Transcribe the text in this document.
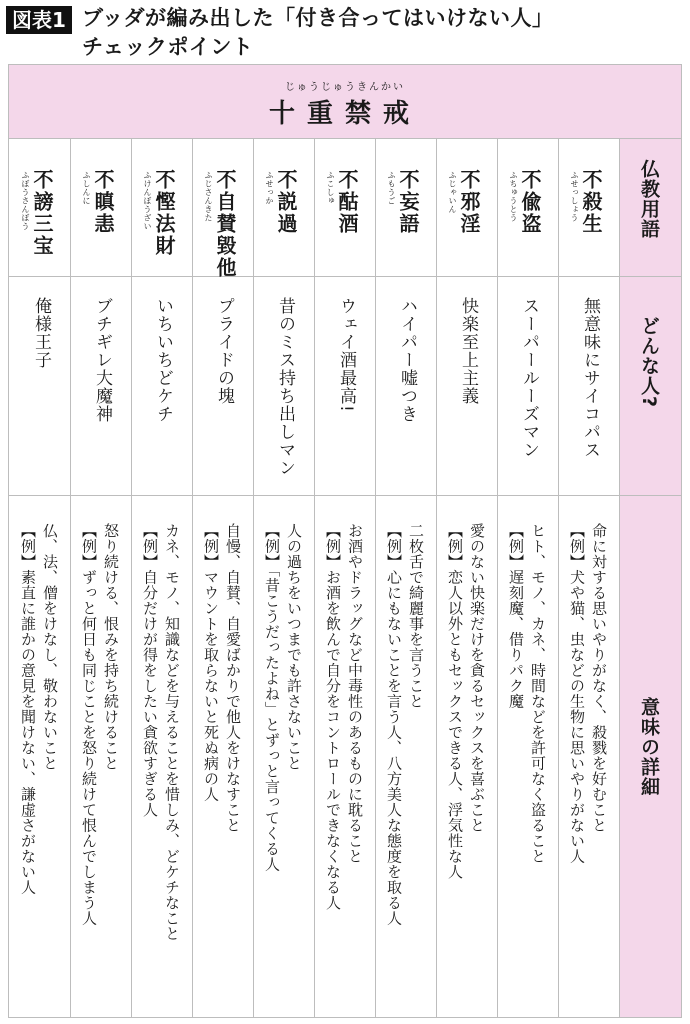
図表1 ブッダが編み出した「付き合ってはいけない人」
チェックポイント
じゅうじゅうきんかい
十重禁戒
仏教用語
どんな人?
意味の詳細
不殺生
ふせっしょう
無意味にサイコパス
命に対する思いやりがなく、殺戮を好むこと
【例】犬や猫、虫などの生物に思いやりがない人
不偸盗
ふちゅうとう
スーパールーズマン
ヒト、モノ、カネ、時間などを許可なく盗ること
【例】遅刻魔、借りパク魔
不邪淫
ふじゃいん
快楽至上主義
愛のない快楽だけを貪るセックスを喜ぶこと
【例】恋人以外ともセックスできる人、浮気性な人
不妄語
ふもうご
ハイパー嘘つき
二枚舌で綺麗事を言うこと
【例】心にもないことを言う人、八方美人な態度を取る人
不酤酒
ふこしゅ
ウェイ酒最高!
お酒やドラッグなど中毒性のあるものに耽ること
【例】お酒を飲んで自分をコントロールできなくなる人
不説過
ふせっか
昔のミス持ち出しマン
人の過ちをいつまでも許さないこと
【例】「昔こうだったよね」とずっと言ってくる人
不自賛毀他
ふじさんきた
プライドの塊
自慢、自賛、自愛ばかりで他人をけなすこと
【例】マウントを取らないと死ぬ病の人
不慳法財
ふけんぼうざい
いちいちどケチ
カネ、モノ、知識などを与えることを惜しみ、どケチなこと
【例】自分だけが得をしたい貪欲すぎる人
不瞋恚
ふしんに
ブチギレ大魔神
怒り続ける、恨みを持ち続けること
【例】ずっと何日も同じことを怒り続けて恨んでしまう人
不謗三宝
ふぼうさんぼう
俺様王子
仏、法、僧をけなし、敬わないこと
【例】素直に誰かの意見を聞けない、謙虚さがない人
